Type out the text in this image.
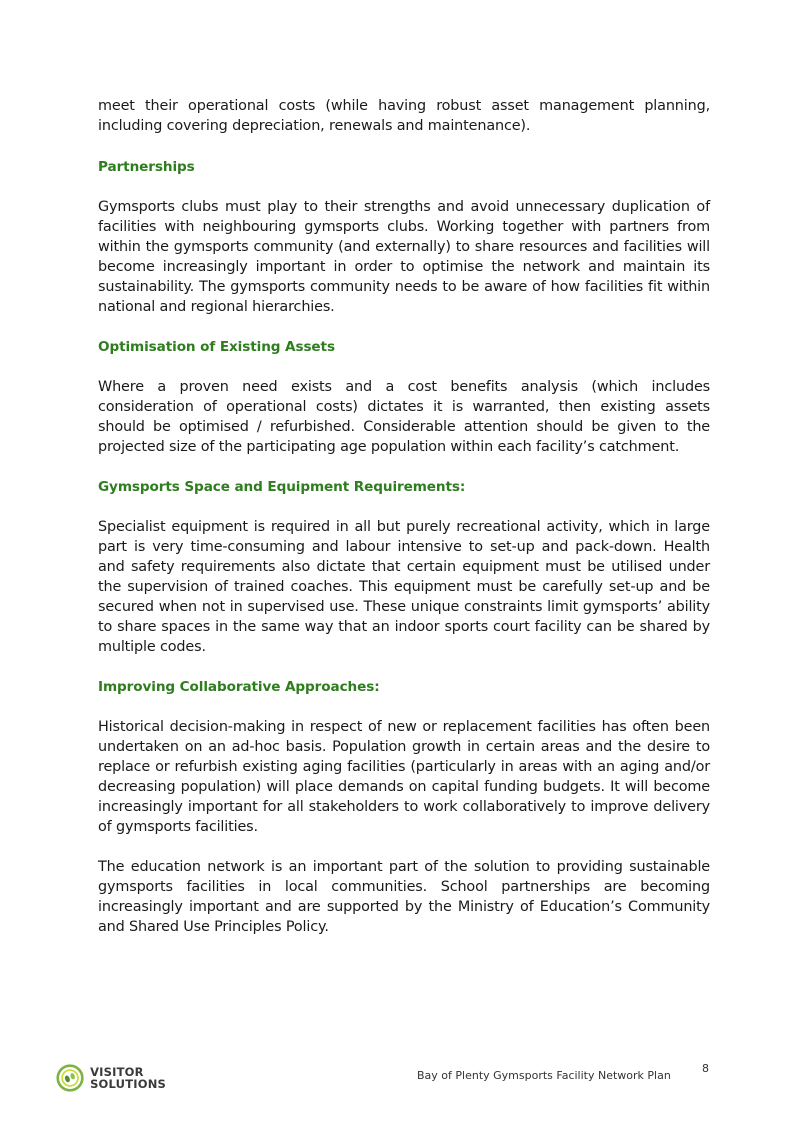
meet their operational costs (while having robust asset management planning, including covering depreciation, renewals and maintenance).

Partnerships

Gymsports clubs must play to their strengths and avoid unnecessary duplication of facilities with neighbouring gymsports clubs. Working together with partners from within the gymsports community (and externally) to share resources and facilities will become increasingly important in order to optimise the network and maintain its sustainability. The gymsports community needs to be aware of how facilities fit within national and regional hierarchies.

Optimisation of Existing Assets

Where a proven need exists and a cost benefits analysis (which includes consideration of operational costs) dictates it is warranted, then existing assets should be optimised / refurbished. Considerable attention should be given to the projected size of the participating age population within each facility’s catchment.

Gymsports Space and Equipment Requirements:

Specialist equipment is required in all but purely recreational activity, which in large part is very time-consuming and labour intensive to set-up and pack-down. Health and safety requirements also dictate that certain equipment must be utilised under the supervision of trained coaches. This equipment must be carefully set-up and be secured when not in supervised use. These unique constraints limit gymsports’ ability to share spaces in the same way that an indoor sports court facility can be shared by multiple codes.

Improving Collaborative Approaches:

Historical decision-making in respect of new or replacement facilities has often been undertaken on an ad-hoc basis. Population growth in certain areas and the desire to replace or refurbish existing aging facilities (particularly in areas with an aging and/or decreasing population) will place demands on capital funding budgets. It will become increasingly important for all stakeholders to work collaboratively to improve delivery of gymsports facilities.

The education network is an important part of the solution to providing sustainable gymsports facilities in local communities. School partnerships are becoming increasingly important and are supported by the Ministry of Education’s Community and Shared Use Principles Policy.

VISITOR
SOLUTIONS
Bay of Plenty Gymsports Facility Network Plan
8
